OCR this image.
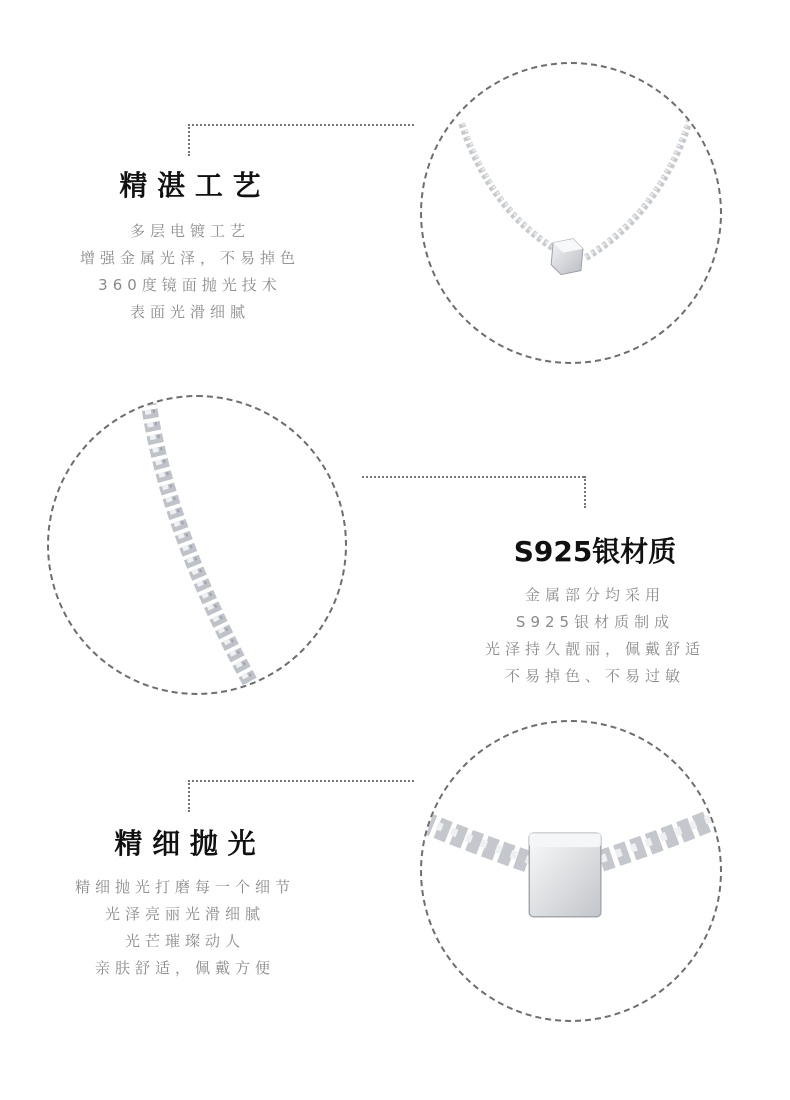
精 湛 工 艺

多层电镀工艺

增强金属光泽，不易掉色

360度镜面抛光技术

表面光滑细腻

S925银材质

金属部分均采用

S925银材质制成

光泽持久靓丽，佩戴舒适

不易掉色、不易过敏

精 细 抛 光

精细抛光打磨每一个细节

光泽亮丽光滑细腻

光芒璀璨动人

亲肤舒适，佩戴方便
